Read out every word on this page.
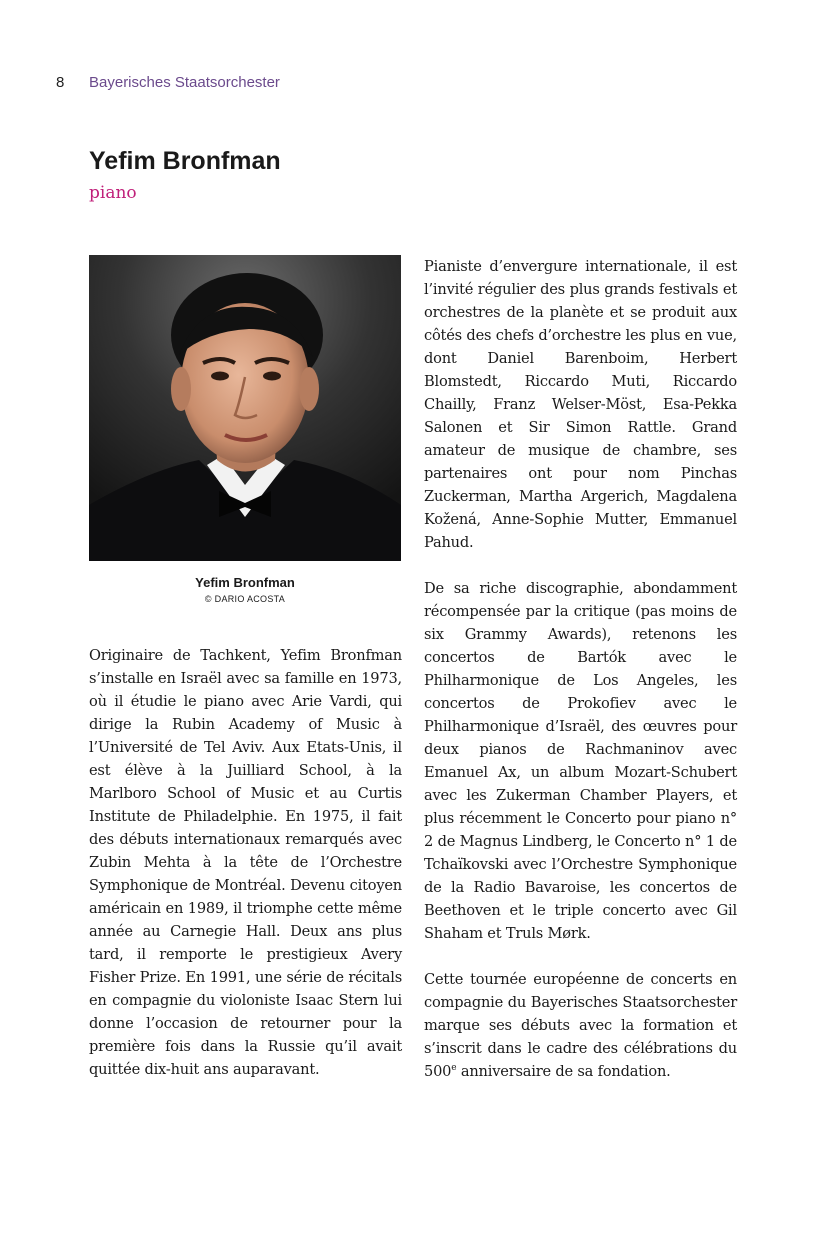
8 Bayerisches Staatsorchester
Yefim Bronfman
piano
Yefim Bronfman
© DARIO ACOSTA

Originaire de Tachkent, Yefim Bronfman s’installe en Israël avec sa famille en 1973, où il étudie le piano avec Arie Vardi, qui dirige la Rubin Academy of Music à l’Université de Tel Aviv. Aux Etats-Unis, il est élève à la Juilliard School, à la Marlboro School of Music et au Curtis Institute de Philadelphie. En 1975, il fait des débuts internationaux remarqués avec Zubin Mehta à la tête de l’Orchestre Symphonique de Montréal. Devenu citoyen américain en 1989, il triomphe cette même année au Carnegie Hall. Deux ans plus tard, il remporte le prestigieux Avery Fisher Prize. En 1991, une série de récitals en compagnie du violoniste Isaac Stern lui donne l’occasion de retourner pour la première fois dans la Russie qu’il avait quittée dix-huit ans auparavant.

Pianiste d’envergure internationale, il est l’invité régulier des plus grands festivals et orchestres de la planète et se produit aux côtés des chefs d’orchestre les plus en vue, dont Daniel Barenboim, Herbert Blomstedt, Riccardo Muti, Riccardo Chailly, Franz Welser-Möst, Esa-Pekka Salonen et Sir Simon Rattle. Grand amateur de musique de chambre, ses partenaires ont pour nom Pinchas Zuckerman, Martha Argerich, Magdalena Kožená, Anne-Sophie Mutter, Emmanuel Pahud.

De sa riche discographie, abondamment récompensée par la critique (pas moins de six Grammy Awards), retenons les concertos de Bartók avec le Philharmonique de Los Angeles, les concertos de Prokofiev avec le Philharmonique d’Israël, des œuvres pour deux pianos de Rachmaninov avec Emanuel Ax, un album Mozart-Schubert avec les Zukerman Chamber Players, et plus récemment le Concerto pour piano n° 2 de Magnus Lindberg, le Concerto n° 1 de Tchaïkovski avec l’Orchestre Symphonique de la Radio Bavaroise, les concertos de Beethoven et le triple concerto avec Gil Shaham et Truls Mørk.

Cette tournée européenne de concerts en compagnie du Bayerisches Staatsorchester marque ses débuts avec la formation et s’inscrit dans le cadre des célébrations du 500e anniversaire de sa fondation.
